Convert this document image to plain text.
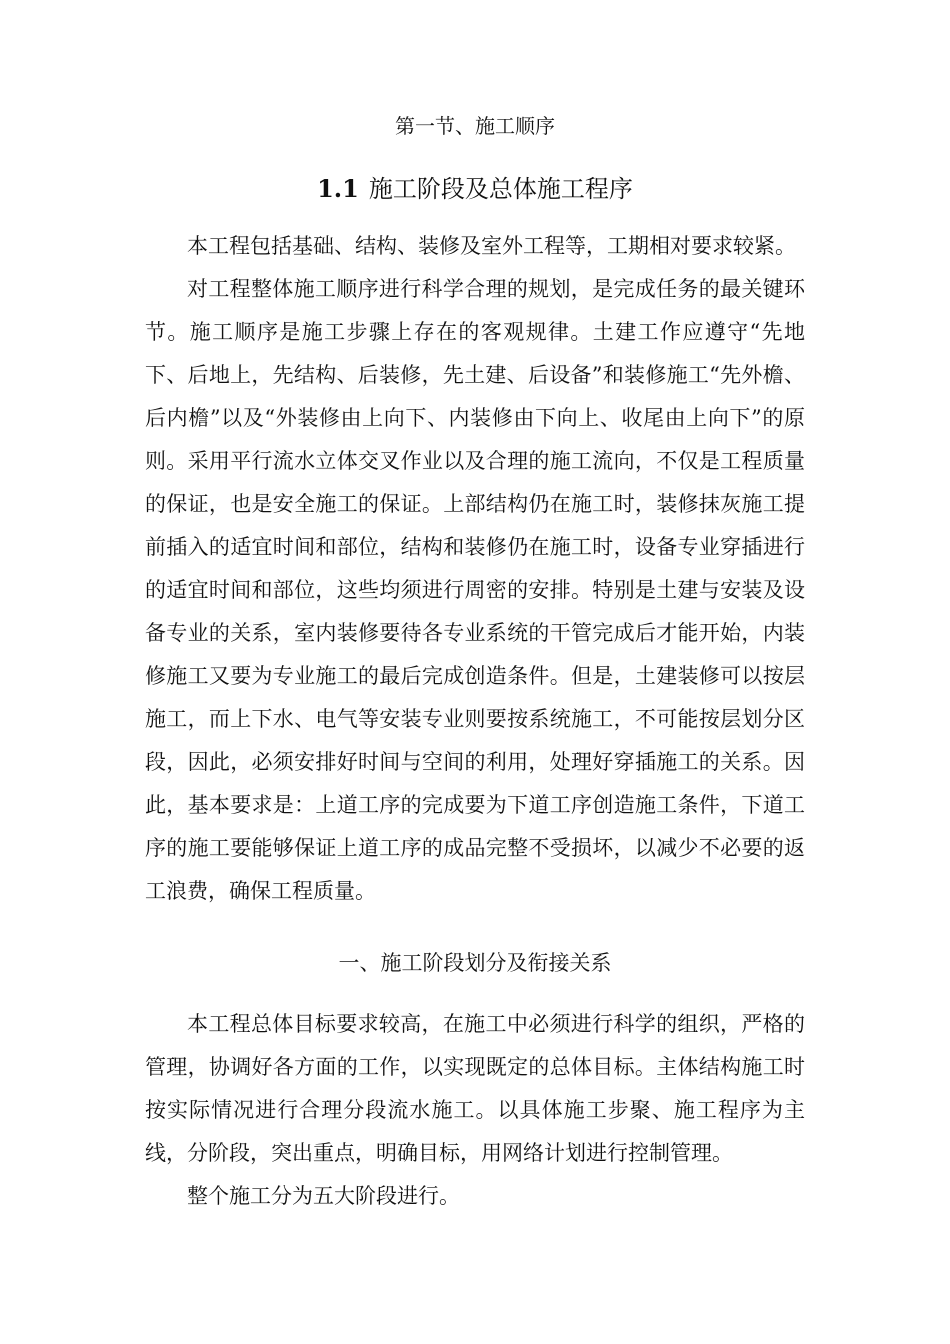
第一节、施工顺序
1.1 施工阶段及总体施工程序

本工程包括基础、结构、装修及室外工程等，工期相对要求较紧。

对工程整体施工顺序进行科学合理的规划，是完成任务的最关键环节。施工顺序是施工步骤上存在的客观规律。土建工作应遵守“先地下、后地上，先结构、后装修，先土建、后设备”和装修施工“先外檐、后内檐”以及“外装修由上向下、内装修由下向上、收尾由上向下”的原则。采用平行流水立体交叉作业以及合理的施工流向，不仅是工程质量的保证，也是安全施工的保证。上部结构仍在施工时，装修抹灰施工提前插入的适宜时间和部位，结构和装修仍在施工时，设备专业穿插进行的适宜时间和部位，这些均须进行周密的安排。特别是土建与安装及设备专业的关系，室内装修要待各专业系统的干管完成后才能开始，内装修施工又要为专业施工的最后完成创造条件。但是，土建装修可以按层施工，而上下水、电气等安装专业则要按系统施工，不可能按层划分区段，因此，必须安排好时间与空间的利用，处理好穿插施工的关系。因此，基本要求是：上道工序的完成要为下道工序创造施工条件，下道工序的施工要能够保证上道工序的成品完整不受损坏，以减少不必要的返工浪费，确保工程质量。

一、施工阶段划分及衔接关系

本工程总体目标要求较高，在施工中必须进行科学的组织，严格的管理，协调好各方面的工作，以实现既定的总体目标。主体结构施工时按实际情况进行合理分段流水施工。以具体施工步聚、施工程序为主线，分阶段，突出重点，明确目标，用网络计划进行控制管理。

整个施工分为五大阶段进行。
